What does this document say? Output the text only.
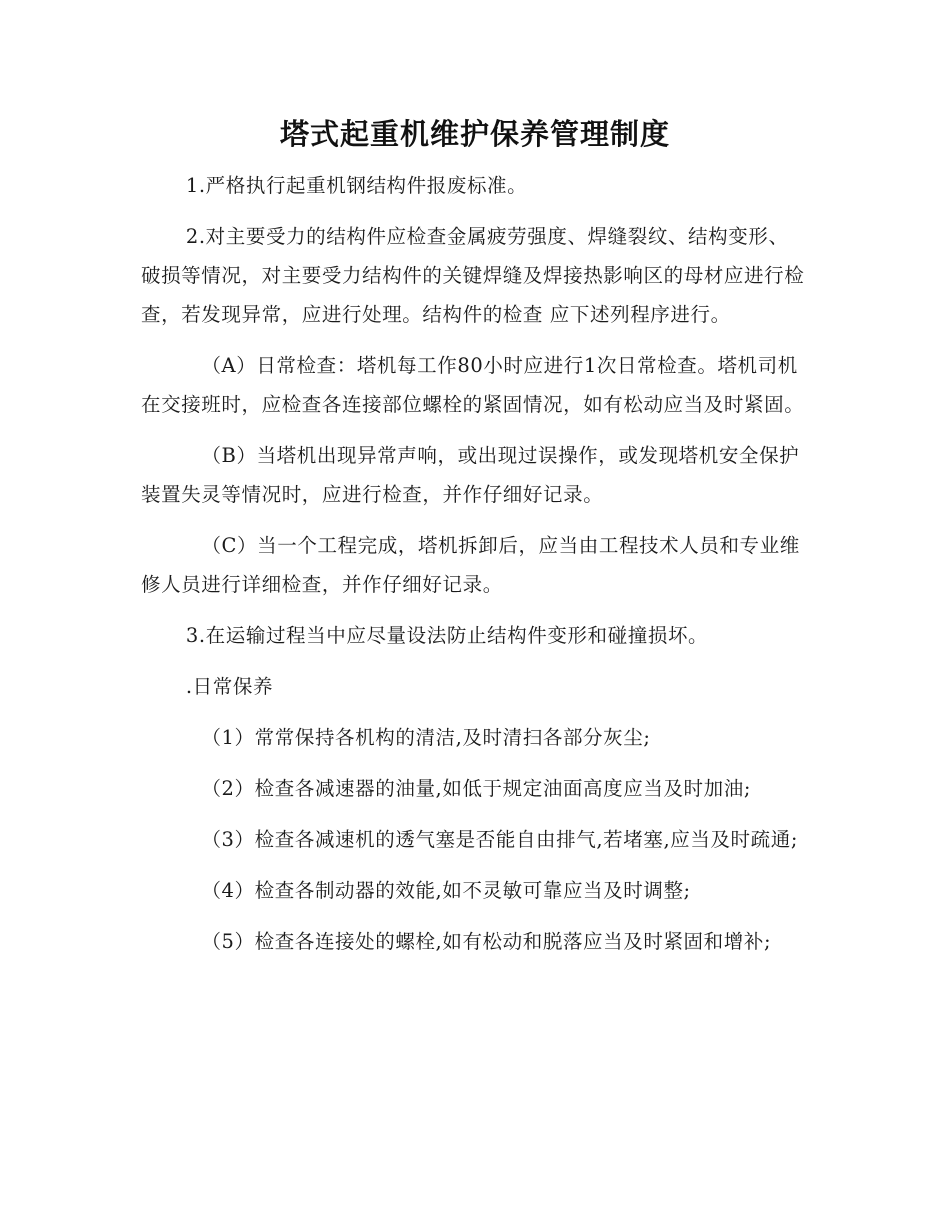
塔式起重机维护保养管理制度

1.严格执行起重机钢结构件报废标准。

2.对主要受力的结构件应检查金属疲劳强度、焊缝裂纹、结构变形、破损等情况，对主要受力结构件的关键焊缝及焊接热影响区的母材应进行检查，若发现异常，应进行处理。结构件的检查 应下述列程序进行。

（A）日常检查：塔机每工作80小时应进行1次日常检查。塔机司机在交接班时，应检查各连接部位螺栓的紧固情况，如有松动应当及时紧固。

（B）当塔机出现异常声响，或出现过误操作，或发现塔机安全保护装置失灵等情况时，应进行检查，并作仔细好记录。

（C）当一个工程完成，塔机拆卸后，应当由工程技术人员和专业维修人员进行详细检查，并作仔细好记录。

3.在运输过程当中应尽量设法防止结构件变形和碰撞损坏。

.日常保养

（1）常常保持各机构的清洁,及时清扫各部分灰尘;

（2）检查各减速器的油量,如低于规定油面高度应当及时加油;

（3）检查各减速机的透气塞是否能自由排气,若堵塞,应当及时疏通;

（4）检查各制动器的效能,如不灵敏可靠应当及时调整;

（5）检查各连接处的螺栓,如有松动和脱落应当及时紧固和增补;
